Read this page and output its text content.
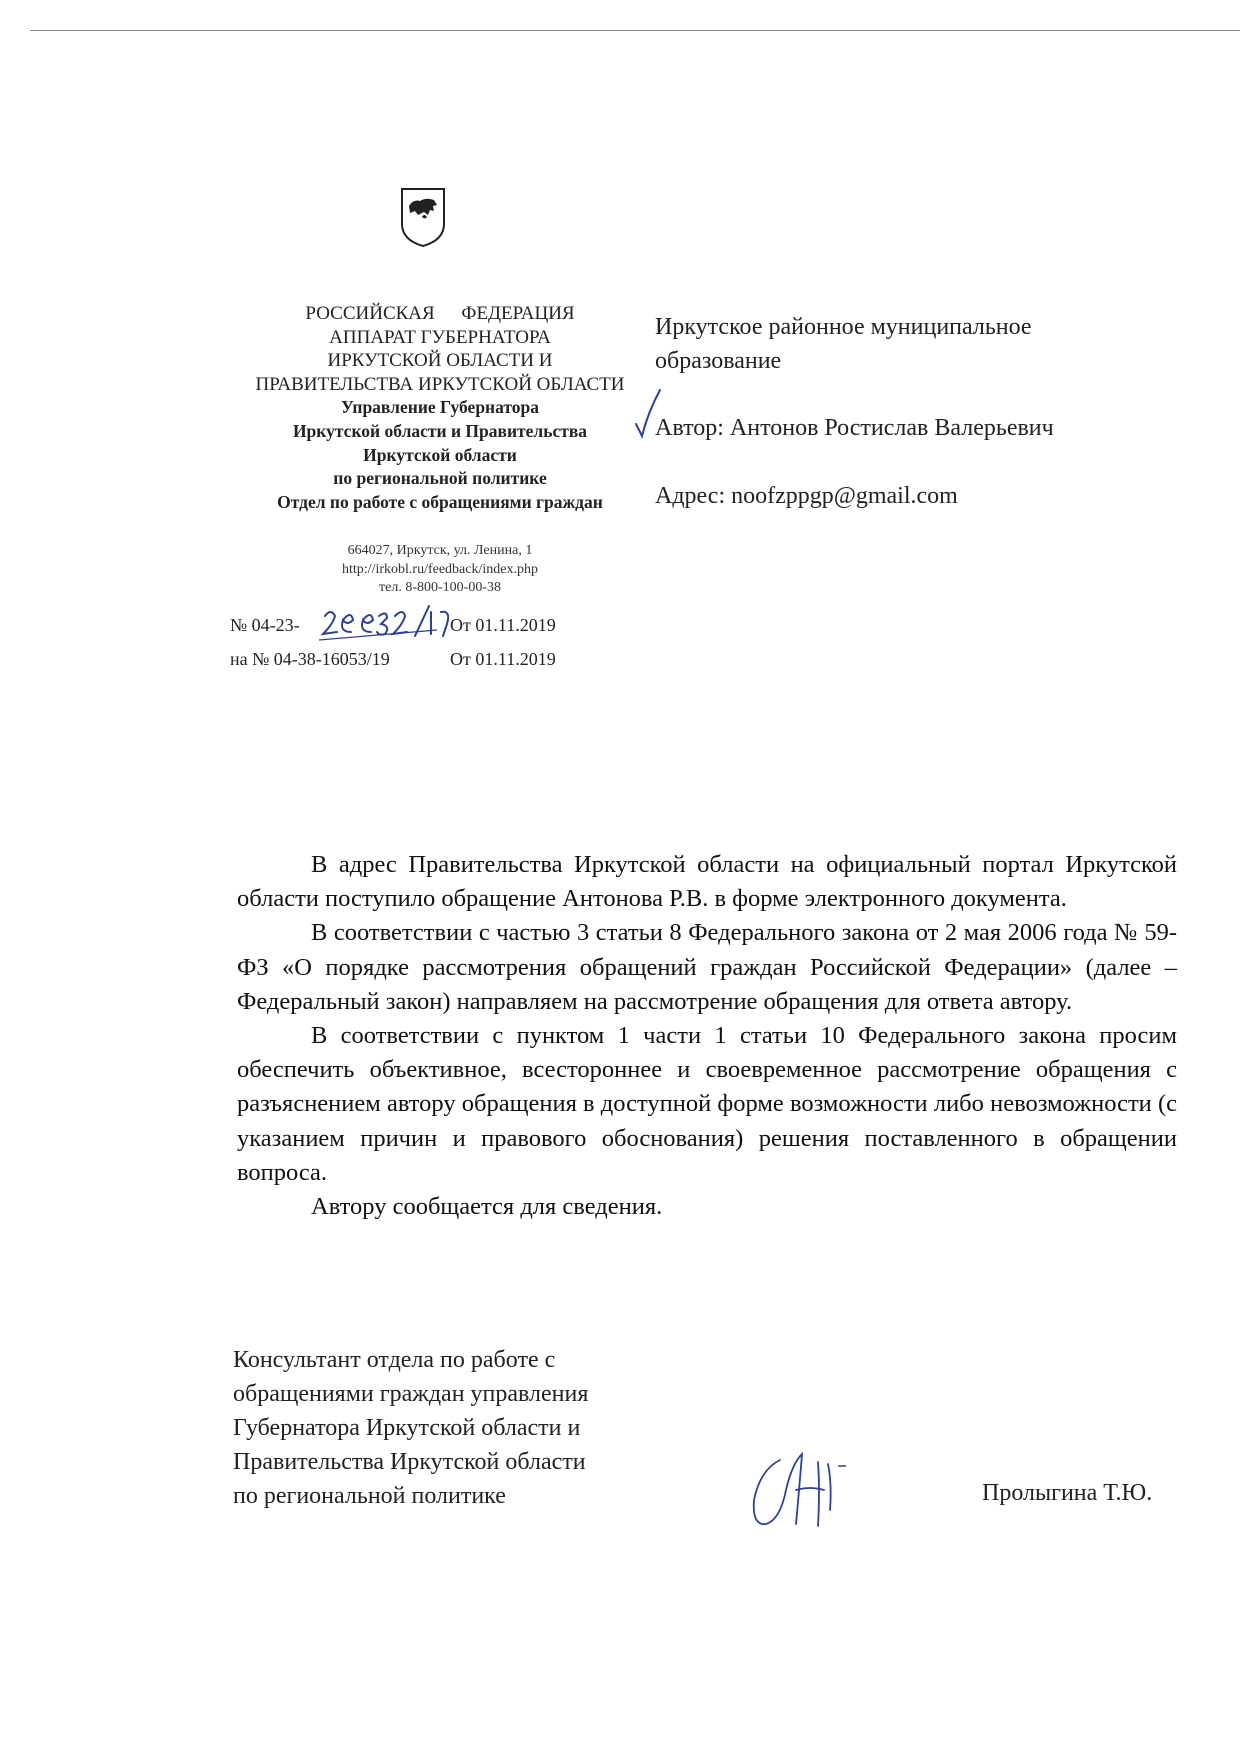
РОССИЙСКАЯ ФЕДЕРАЦИЯ
АППАРАТ ГУБЕРНАТОРА
ИРКУТСКОЙ ОБЛАСТИ И
ПРАВИТЕЛЬСТВА ИРКУТСКОЙ ОБЛАСТИ
Управление Губернатора
Иркутской области и Правительства
Иркутской области
по региональной политике
Отдел по работе с обращениями граждан
664027, Иркутск, ул. Ленина, 1
http://irkobl.ru/feedback/index.php
тел. 8-800-100-00-38
№ 04-23-	От 01.11.2019
на № 04-38-16053/19	От 01.11.2019
Иркутское районное муниципальное
образование
Автор: Антонов Ростислав Валерьевич
Адрес: noofzppgp@gmail.com

В адрес Правительства Иркутской области на официальный портал Иркутской области поступило обращение Антонова Р.В. в форме электронного документа.

В соответствии с частью 3 статьи 8 Федерального закона от 2 мая 2006 года № 59-ФЗ «О порядке рассмотрения обращений граждан Российской Федерации» (далее – Федеральный закон) направляем на рассмотрение обращения для ответа автору.

В соответствии с пунктом 1 части 1 статьи 10 Федерального закона просим обеспечить объективное, всестороннее и своевременное рассмотрение обращения с разъяснением автору обращения в доступной форме возможности либо невозможности (с указанием причин и правового обоснования) решения поставленного в обращении вопроса.

Автору сообщается для сведения.

Консультант отдела по работе с
обращениями граждан управления
Губернатора Иркутской области и
Правительства Иркутской области
по региональной политике	Пролыгина Т.Ю.
